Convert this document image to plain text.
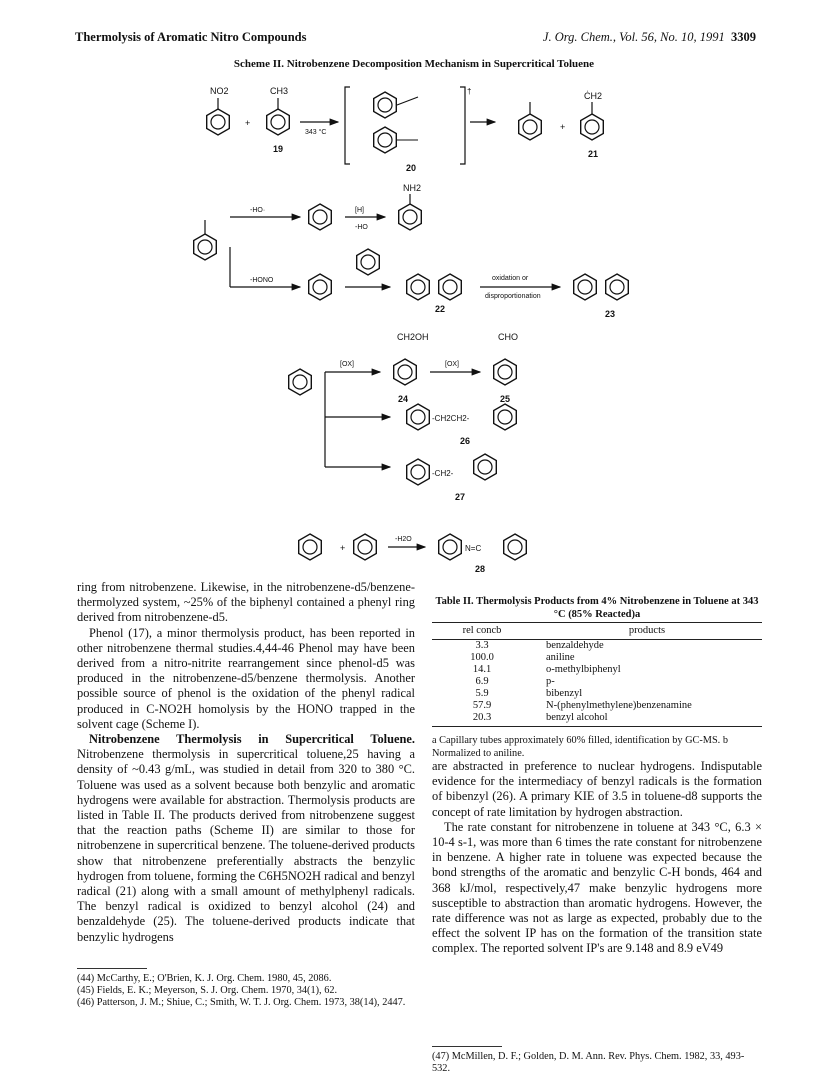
Thermolysis of Aromatic Nitro Compounds	J. Org. Chem., Vol. 56, No. 10, 1991 3309
Scheme II. Nitrobenzene Decomposition Mechanism in Supercritical Toluene
NO2
+
CH3
19
343 °C
†
20
+
ĊH2
21
-HO·	[H]
-HO
NH2
-HONO
22
oxidation or
disproportionation
23
[OX]
CH2OH
24
[OX]
CHO
25
-CH2CH2-
26
-CH2-
27
+
-H2O
N=C
28

ring from nitrobenzene. Likewise, in the nitrobenzene-d5/benzene-thermolyzed system, ~25% of the biphenyl contained a phenyl ring derived from nitrobenzene-d5.

Phenol (17), a minor thermolysis product, has been reported in other nitrobenzene thermal studies.4,44-46 Phenol may have been derived from a nitro-nitrite rearrangement since phenol-d5 was produced in the nitrobenzene-d5/benzene thermolysis. Another possible source of phenol is the oxidation of the phenyl radical produced in C-NO2H homolysis by the HONO trapped in the solvent cage (Scheme I).

Nitrobenzene Thermolysis in Supercritical Toluene. Nitrobenzene thermolysis in supercritical toluene,25 having a density of ~0.43 g/mL, was studied in detail from 320 to 380 °C. Toluene was used as a solvent because both benzylic and aromatic hydrogens were available for abstraction. Thermolysis products are listed in Table II. The products derived from nitrobenzene suggest that the reaction paths (Scheme II) are similar to those for nitrobenzene in supercritical benzene. The toluene-derived products show that nitrobenzene preferentially abstracts the benzylic hydrogen from toluene, forming the C6H5NO2H radical and benzyl radical (21) along with a small amount of methylphenyl radicals. The benzyl radical is oxidized to benzyl alcohol (24) and benzaldehyde (25). The toluene-derived products indicate that benzylic hydrogens

Table II. Thermolysis Products from 4% Nitrobenzene in Toluene at 343 °C (85% Reacted)a
rel concb	products
3.3	benzaldehyde
100.0	aniline
14.1	o-methylbiphenyl
6.9	p-
5.9	bibenzyl
57.9	N-(phenylmethylene)benzenamine
20.3	benzyl alcohol
a Capillary tubes approximately 60% filled, identification by GC-MS. b Normalized to aniline.

are abstracted in preference to nuclear hydrogens. Indisputable evidence for the intermediacy of benzyl radicals is the formation of bibenzyl (26). A primary KIE of 3.5 in toluene-d8 supports the concept of rate limitation by hydrogen abstraction.

The rate constant for nitrobenzene in toluene at 343 °C, 6.3 × 10-4 s-1, was more than 6 times the rate constant for nitrobenzene in benzene. A higher rate in toluene was expected because the bond strengths of the aromatic and benzylic C-H bonds, 464 and 368 kJ/mol, respectively,47 make benzylic hydrogens more susceptible to abstraction than aromatic hydrogens. However, the rate difference was not as large as expected, probably due to the effect the solvent IP has on the formation of the transition state complex. The reported solvent IP's are 9.148 and 8.9 eV49

(44) McCarthy, E.; O'Brien, K. J. Org. Chem. 1980, 45, 2086.
(45) Fields, E. K.; Meyerson, S. J. Org. Chem. 1970, 34(1), 62.
(46) Patterson, J. M.; Shiue, C.; Smith, W. T. J. Org. Chem. 1973, 38(14), 2447.
(47) McMillen, D. F.; Golden, D. M. Ann. Rev. Phys. Chem. 1982, 33, 493-532.
